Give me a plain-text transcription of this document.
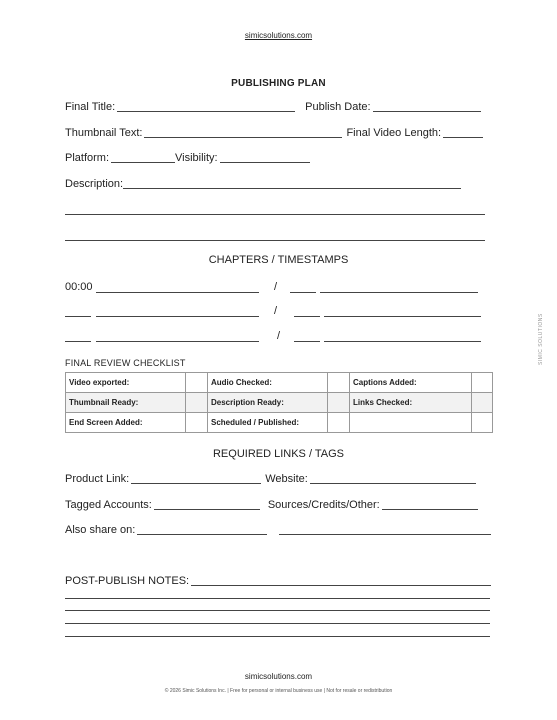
simicsolutions.com
PUBLISHING PLAN
Final Title:	Publish Date:
Thumbnail Text:	Final Video Length:
Platform:	Visibility:
Description:
CHAPTERS / TIMESTAMPS
00:00	/
/
/
FINAL REVIEW CHECKLIST
Video exported:		Audio Checked:		Captions Added:	
Thumbnail Ready:		Description Ready:		Links Checked:	
End Screen Added:		Scheduled / Published:			
REQUIRED LINKS / TAGS
Product Link:	Website:
Tagged Accounts:	Sources/Credits/Other:
Also share on:
POST-PUBLISH NOTES:
SIMIC SOLUTIONS
simicsolutions.com
© 2026 Simic Solutions Inc. | Free for personal or internal business use | Not for resale or redistribution
